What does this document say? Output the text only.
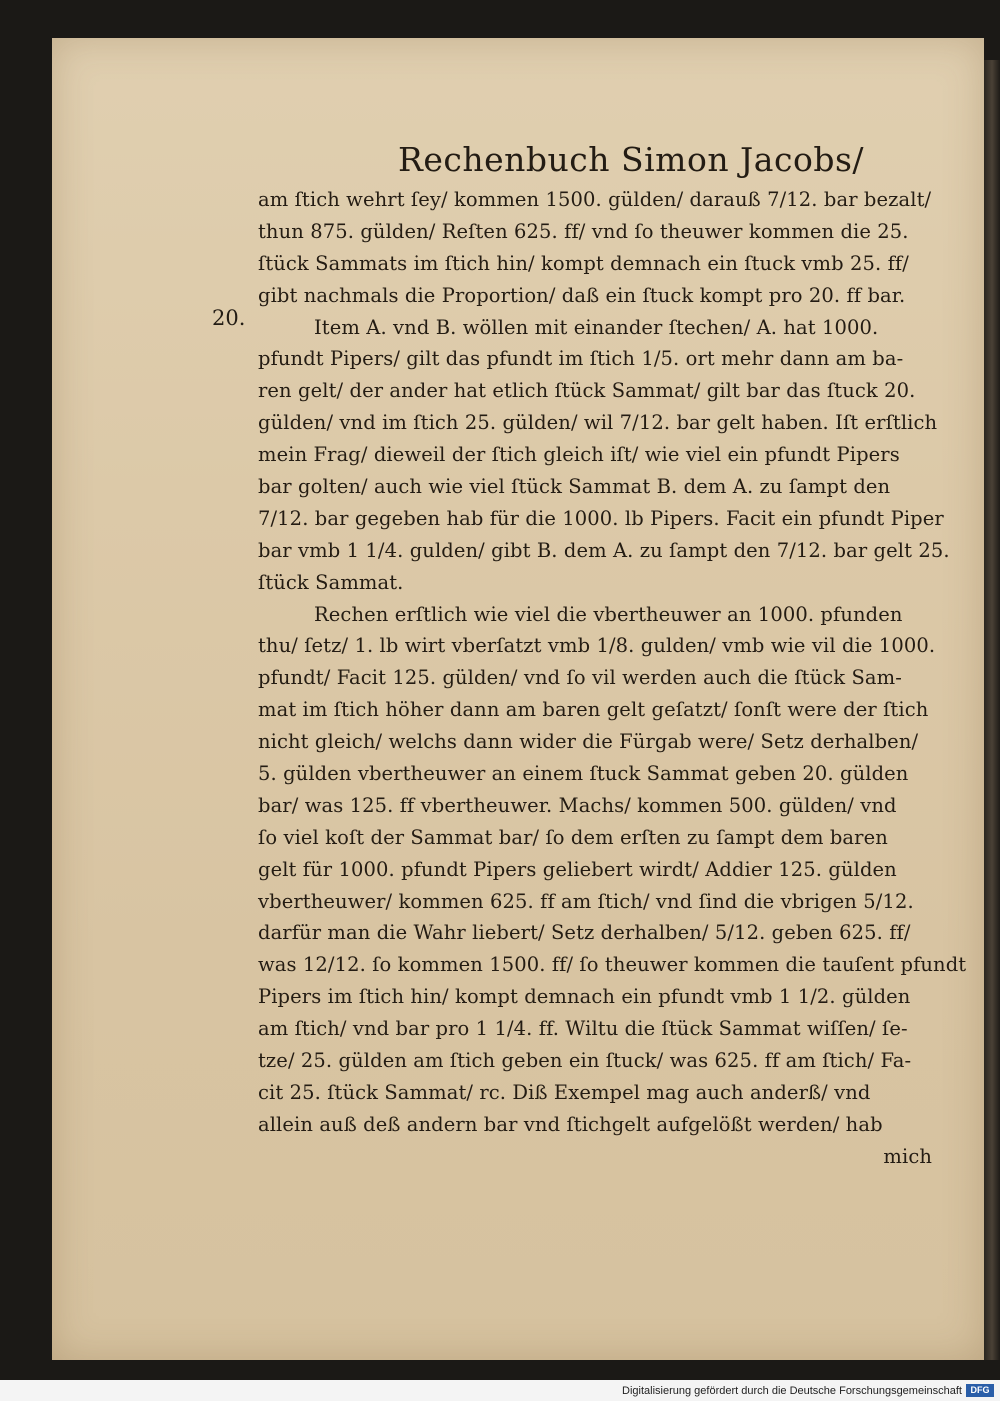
Rechenbuch Simon Jacobs/
20.
am ſtich wehrt ſey/ kommen 1500. gülden/ darauß 7/12. bar bezalt/
thun 875. gülden/ Reſten 625. ff/ vnd ſo theuwer kommen die 25.
ſtück Sammats im ſtich hin/ kompt demnach ein ſtuck vmb 25. ff/
gibt nachmals die Proportion/ daß ein ſtuck kompt pro 20. ff bar.
Item A. vnd B. wöllen mit einander ſtechen/ A. hat 1000.
pfundt Pipers/ gilt das pfundt im ſtich 1/5. ort mehr dann am ba-
ren gelt/ der ander hat etlich ſtück Sammat/ gilt bar das ſtuck 20.
gülden/ vnd im ſtich 25. gülden/ wil 7/12. bar gelt haben. Iſt erſtlich
mein Frag/ dieweil der ſtich gleich iſt/ wie viel ein pfundt Pipers
bar golten/ auch wie viel ſtück Sammat B. dem A. zu ſampt den
7/12. bar gegeben hab für die 1000. lb Pipers. Facit ein pfundt Piper
bar vmb 1 1/4. gulden/ gibt B. dem A. zu ſampt den 7/12. bar gelt 25.
ſtück Sammat.
Rechen erſtlich wie viel die vbertheuwer an 1000. pfunden
thu/ ſetz/ 1. lb wirt vberſatzt vmb 1/8. gulden/ vmb wie vil die 1000.
pfundt/ Facit 125. gülden/ vnd ſo vil werden auch die ſtück Sam-
mat im ſtich höher dann am baren gelt geſatzt/ ſonſt were der ſtich
nicht gleich/ welchs dann wider die Fürgab were/ Setz derhalben/
5. gülden vbertheuwer an einem ſtuck Sammat geben 20. gülden
bar/ was 125. ff vbertheuwer. Machs/ kommen 500. gülden/ vnd
ſo viel koſt der Sammat bar/ ſo dem erſten zu ſampt dem baren
gelt für 1000. pfundt Pipers geliebert wirdt/ Addier 125. gülden
vbertheuwer/ kommen 625. ff am ſtich/ vnd ſind die vbrigen 5/12.
darfür man die Wahr liebert/ Setz derhalben/ 5/12. geben 625. ff/
was 12/12. ſo kommen 1500. ff/ ſo theuwer kommen die tauſent pfundt
Pipers im ſtich hin/ kompt demnach ein pfundt vmb 1 1/2. gülden
am ſtich/ vnd bar pro 1 1/4. ff. Wiltu die ſtück Sammat wiſſen/ ſe-
tze/ 25. gülden am ſtich geben ein ſtuck/ was 625. ff am ſtich/ Fa-
cit 25. ſtück Sammat/ rc. Diß Exempel mag auch anderß/ vnd
allein auß deß andern bar vnd ſtichgelt aufgelößt werden/ hab
mich
Digitalisierung gefördert durch die Deutsche Forschungsgemeinschaft DFG
